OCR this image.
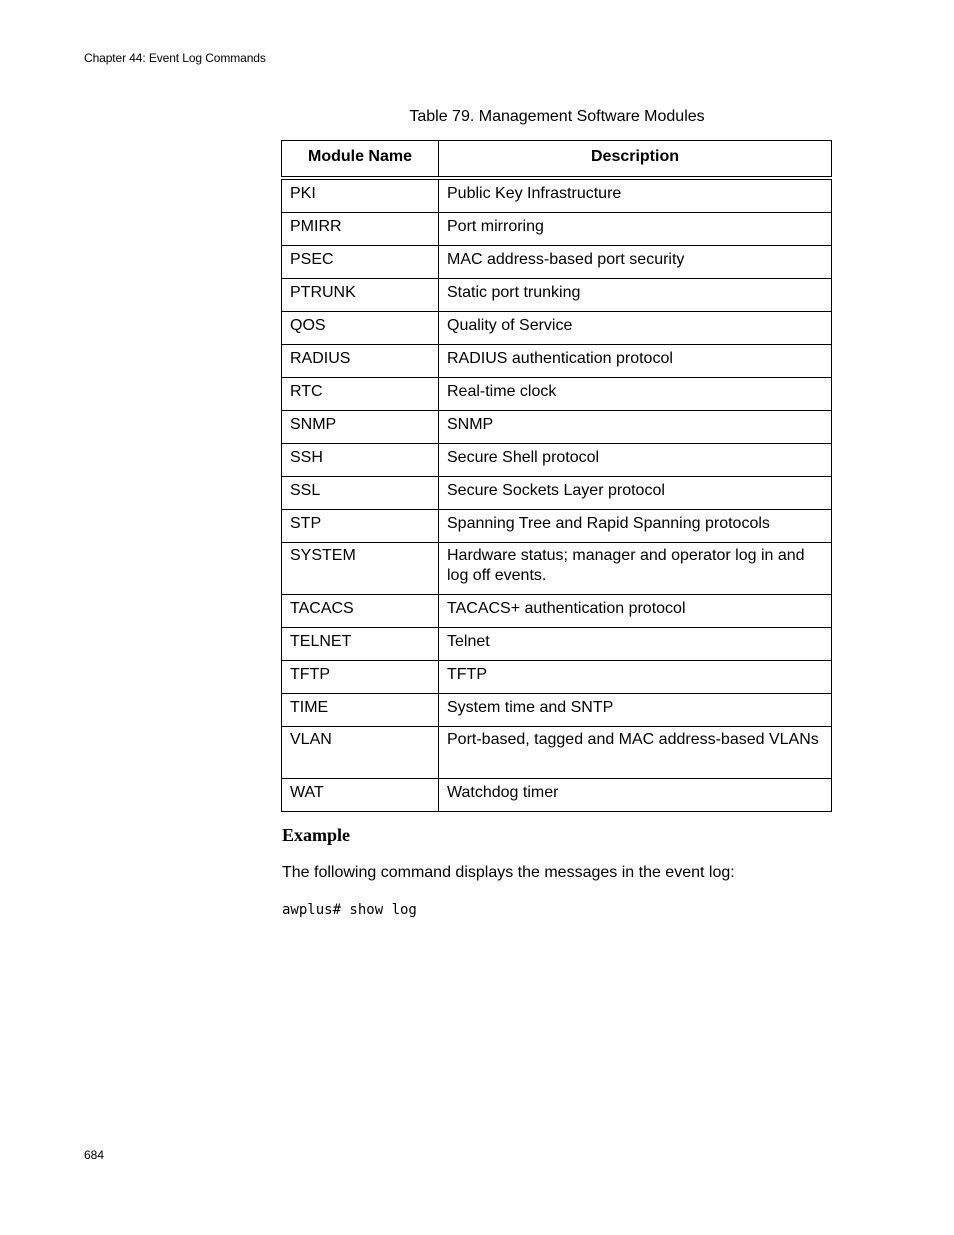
Chapter 44: Event Log Commands
Table 79. Management Software Modules
Module Name	Description
PKI	Public Key Infrastructure
PMIRR	Port mirroring
PSEC	MAC address-based port security
PTRUNK	Static port trunking
QOS	Quality of Service
RADIUS	RADIUS authentication protocol
RTC	Real-time clock
SNMP	SNMP
SSH	Secure Shell protocol
SSL	Secure Sockets Layer protocol
STP	Spanning Tree and Rapid Spanning protocols
SYSTEM	Hardware status; manager and operator log in and log off events.
TACACS	TACACS+ authentication protocol
TELNET	Telnet
TFTP	TFTP
TIME	System time and SNTP
VLAN	Port-based, tagged and MAC address-based VLANs
WAT	Watchdog timer
Example
The following command displays the messages in the event log:
awplus# show log
684
